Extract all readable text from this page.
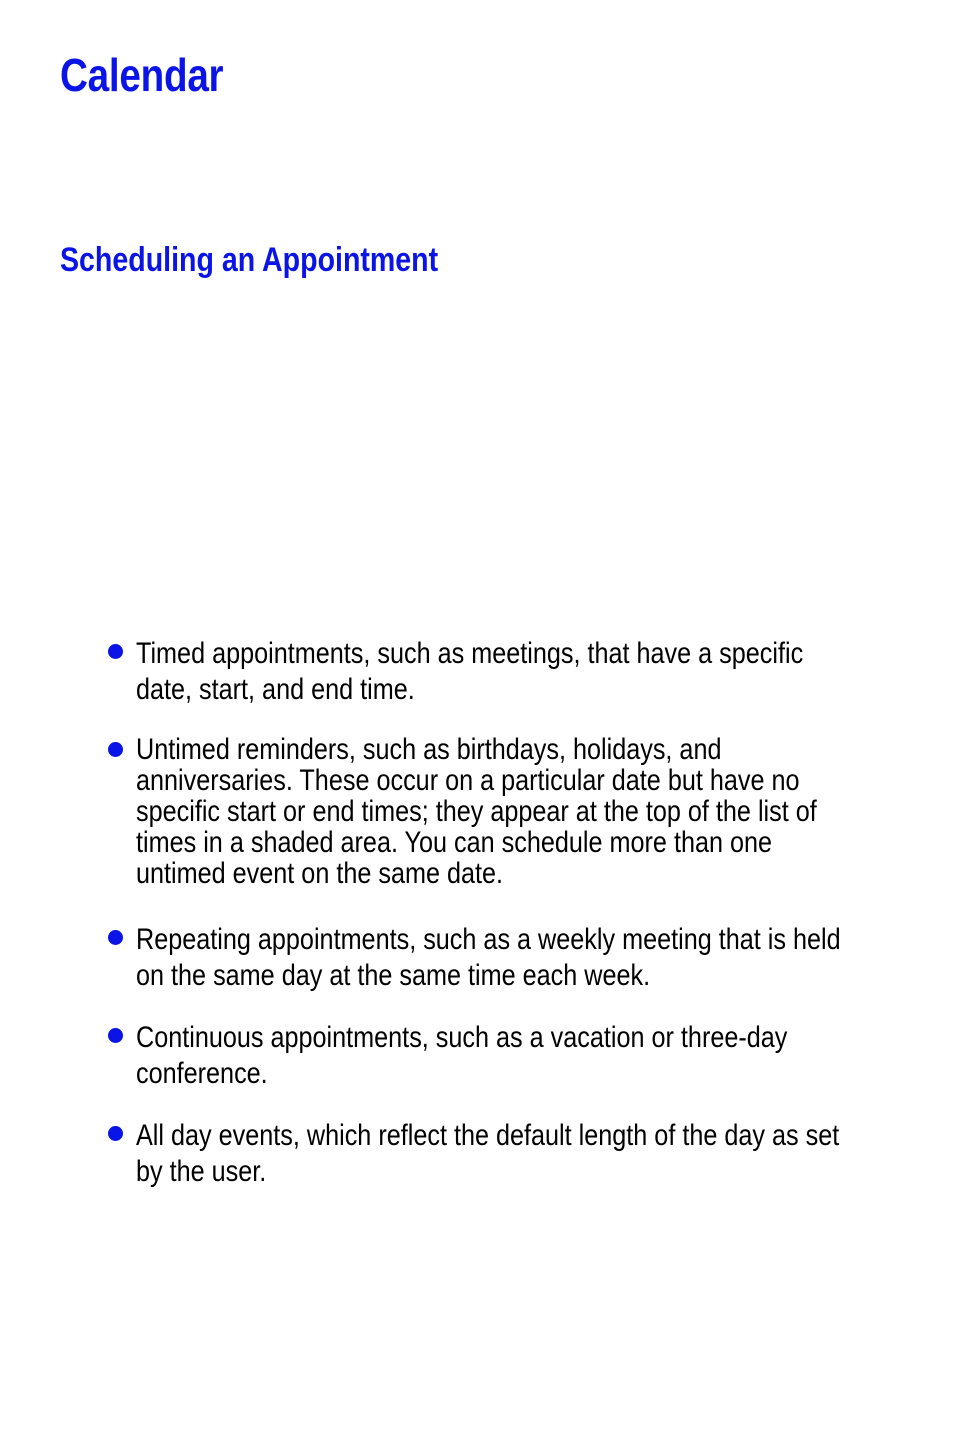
Calendar
Scheduling an Appointment

Timed appointments, such as meetings, that have a specific
date, start, and end time.

Untimed reminders, such as birthdays, holidays, and
anniversaries. These occur on a particular date but have no
specific start or end times; they appear at the top of the list of
times in a shaded area. You can schedule more than one
untimed event on the same date.

Repeating appointments, such as a weekly meeting that is held
on the same day at the same time each week.

Continuous appointments, such as a vacation or three-day
conference.

All day events, which reflect the default length of the day as set
by the user.
